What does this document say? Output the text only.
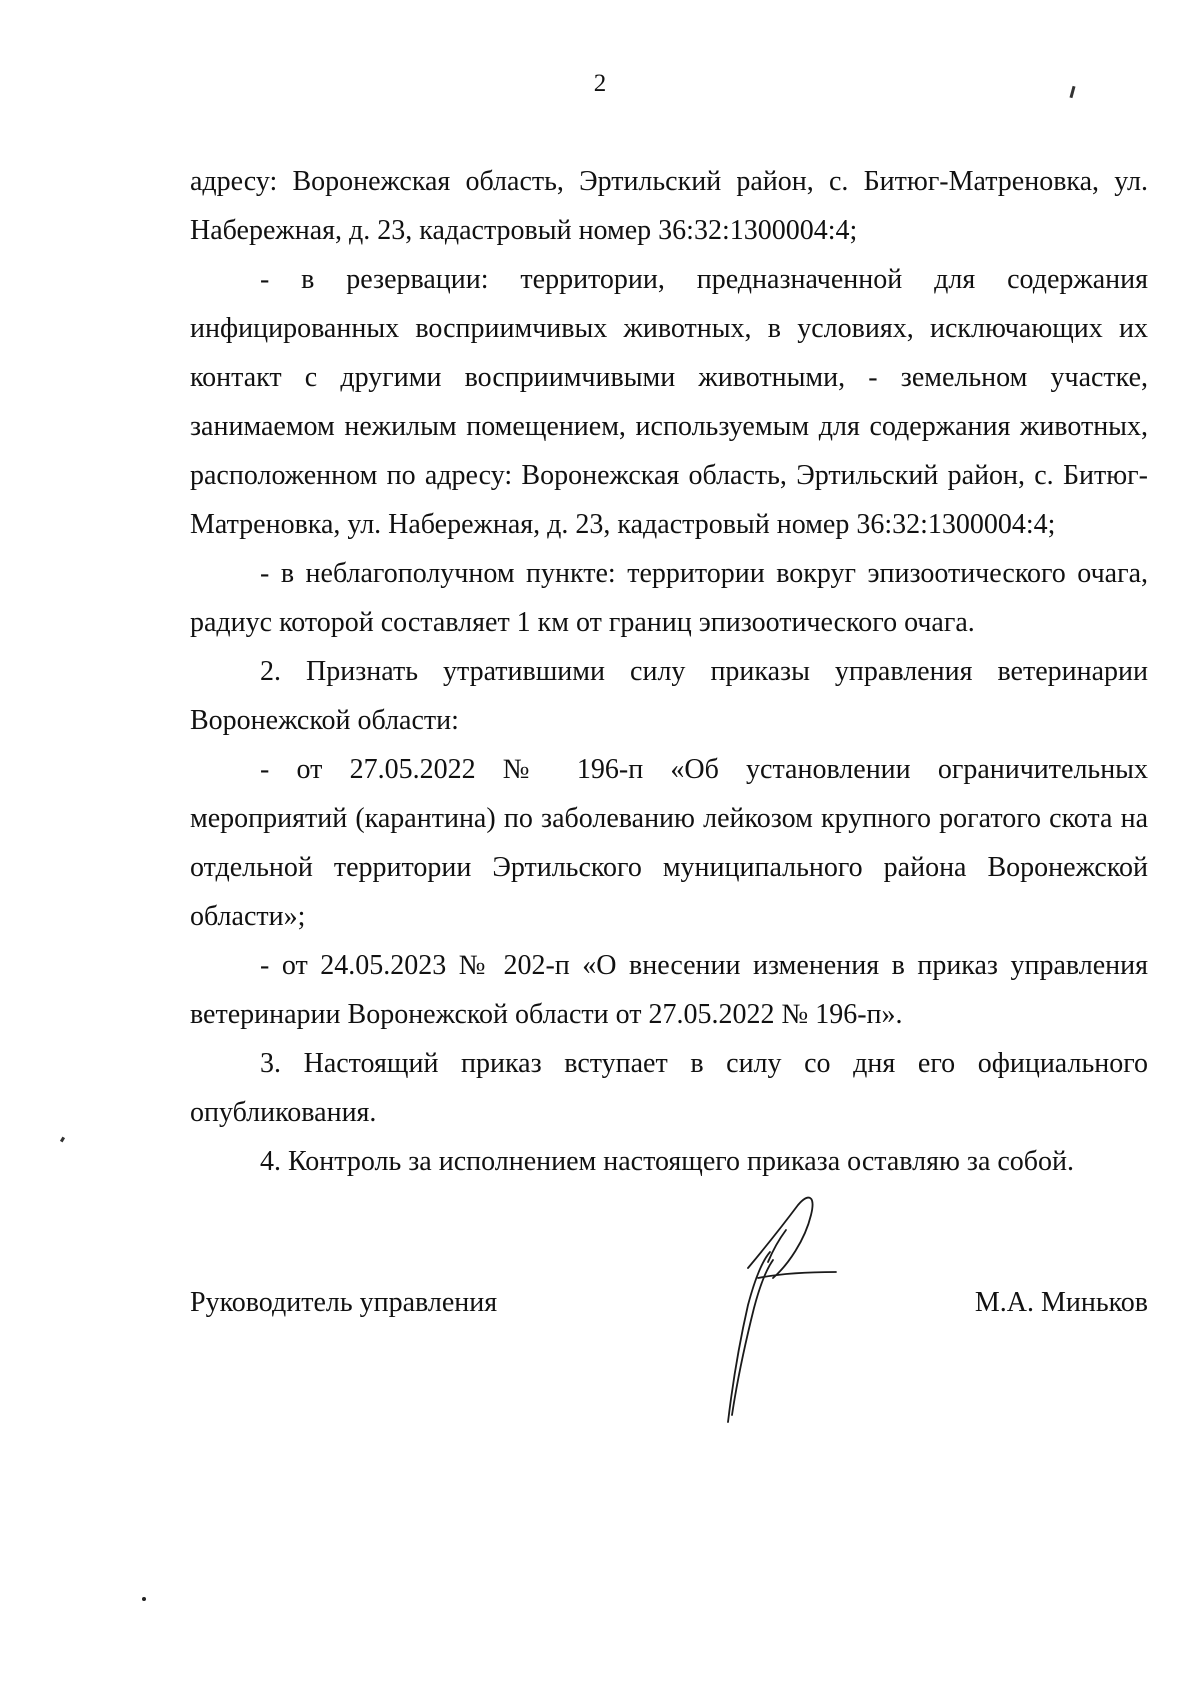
2

адресу: Воронежская область, Эртильский район, с. Битюг-Матреновка, ул. Набережная, д. 23, кадастровый номер 36:32:1300004:4;

- в резервации: территории, предназначенной для содержания инфицированных восприимчивых животных, в условиях, исключающих их контакт с другими восприимчивыми животными, - земельном участке, занимаемом нежилым помещением, используемым для содержания животных, расположенном по адресу: Воронежская область, Эртильский район, с. Битюг-Матреновка, ул. Набережная, д. 23, кадастровый номер 36:32:1300004:4;

- в неблагополучном пункте: территории вокруг эпизоотического очага, радиус которой составляет 1 км от границ эпизоотического очага.

2. Признать утратившими силу приказы управления ветеринарии Воронежской области:

- от 27.05.2022 № 196-п «Об установлении ограничительных мероприятий (карантина) по заболеванию лейкозом крупного рогатого скота на отдельной территории Эртильского муниципального района Воронежской области»;

- от 24.05.2023 № 202-п «О внесении изменения в приказ управления ветеринарии Воронежской области от 27.05.2022 № 196-п».

3. Настоящий приказ вступает в силу со дня его официального опубликования.

4. Контроль за исполнением настоящего приказа оставляю за собой.

Руководитель управления	М.А. Миньков
